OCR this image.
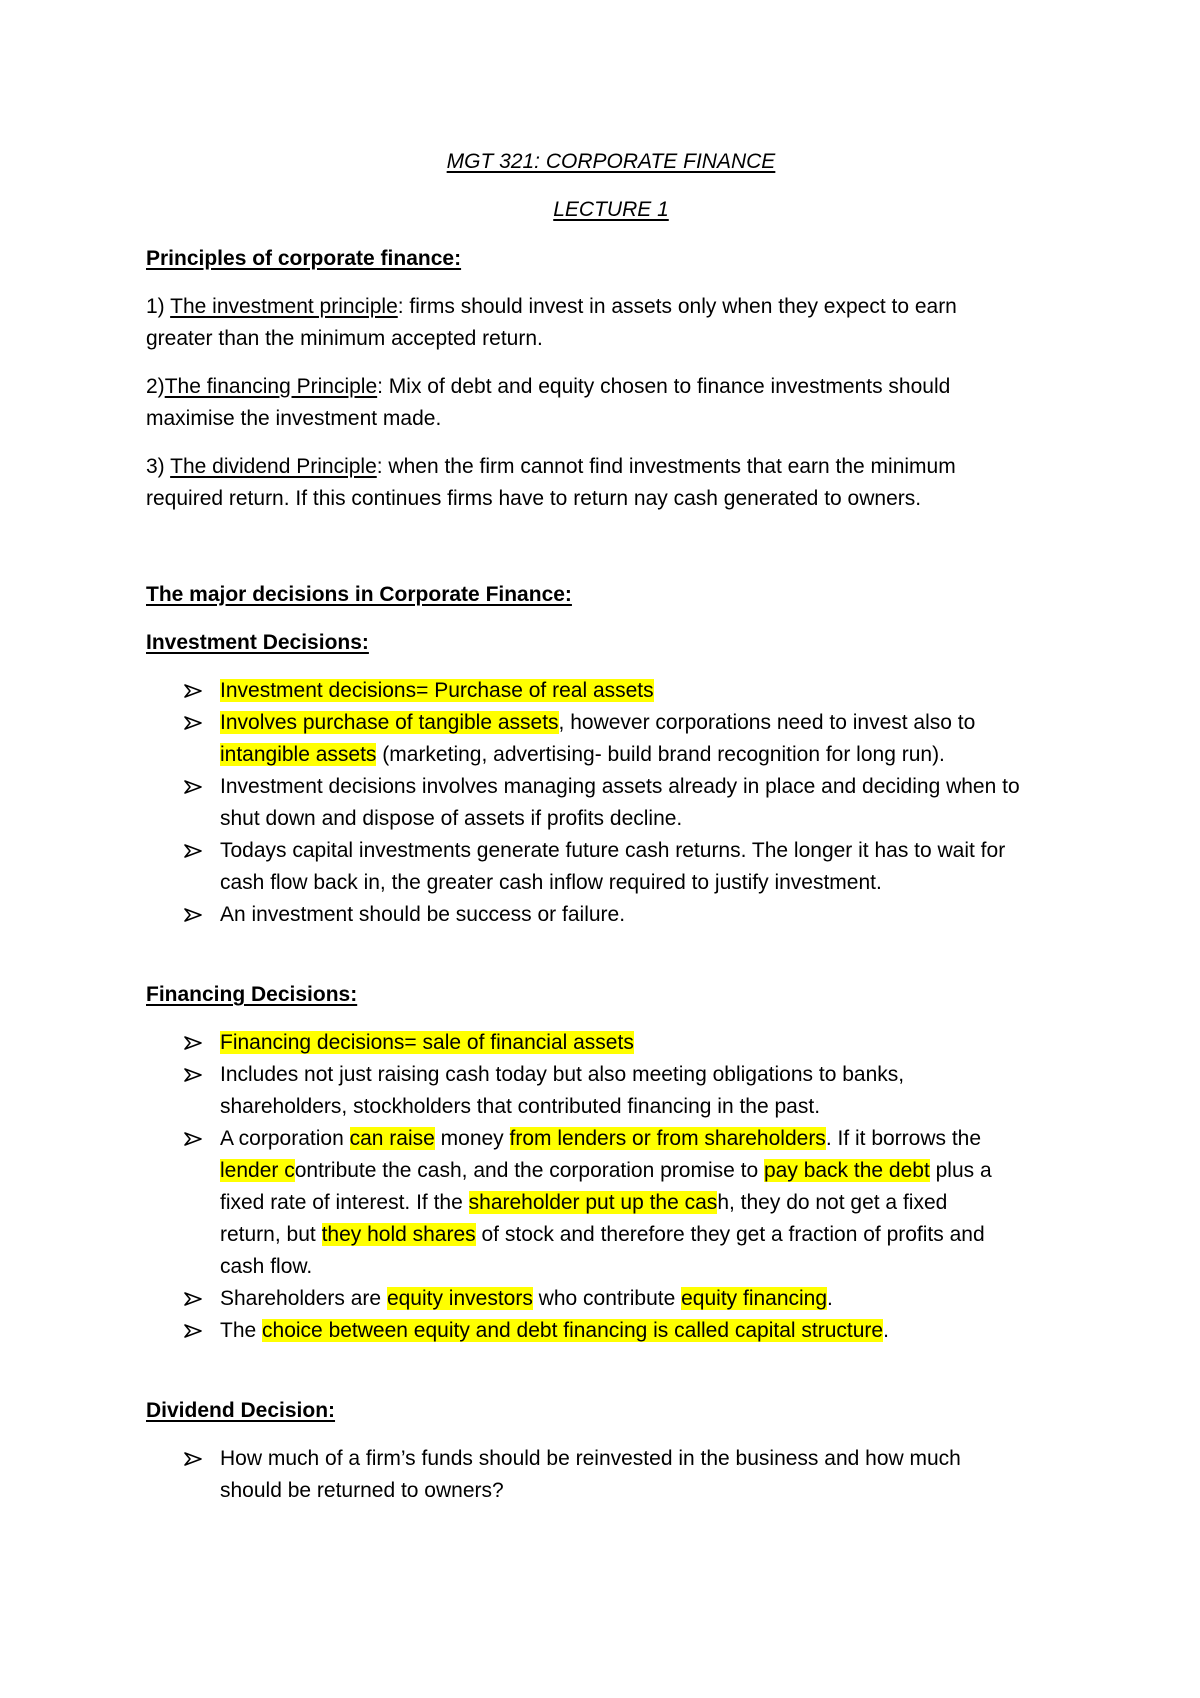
MGT 321: CORPORATE FINANCE
LECTURE 1
Principles of corporate finance:
1) The investment principle: firms should invest in assets only when they expect to earn
greater than the minimum accepted return.
2)The financing Principle: Mix of debt and equity chosen to finance investments should
maximise the investment made.
3) The dividend Principle: when the firm cannot find investments that earn the minimum
required return. If this continues firms have to return nay cash generated to owners.
The major decisions in Corporate Finance:
Investment Decisions:
Investment decisions= Purchase of real assets
Involves purchase of tangible assets, however corporations need to invest also to
intangible assets (marketing, advertising- build brand recognition for long run).
Investment decisions involves managing assets already in place and deciding when to
shut down and dispose of assets if profits decline.
Todays capital investments generate future cash returns. The longer it has to wait for
cash flow back in, the greater cash inflow required to justify investment.
An investment should be success or failure.
Financing Decisions:
Financing decisions= sale of financial assets
Includes not just raising cash today but also meeting obligations to banks,
shareholders, stockholders that contributed financing in the past.
A corporation can raise money from lenders or from shareholders. If it borrows the
lender contribute the cash, and the corporation promise to pay back the debt plus a
fixed rate of interest. If the shareholder put up the cash, they do not get a fixed
return, but they hold shares of stock and therefore they get a fraction of profits and
cash flow.
Shareholders are equity investors who contribute equity financing.
The choice between equity and debt financing is called capital structure.
Dividend Decision:
How much of a firm’s funds should be reinvested in the business and how much
should be returned to owners?
